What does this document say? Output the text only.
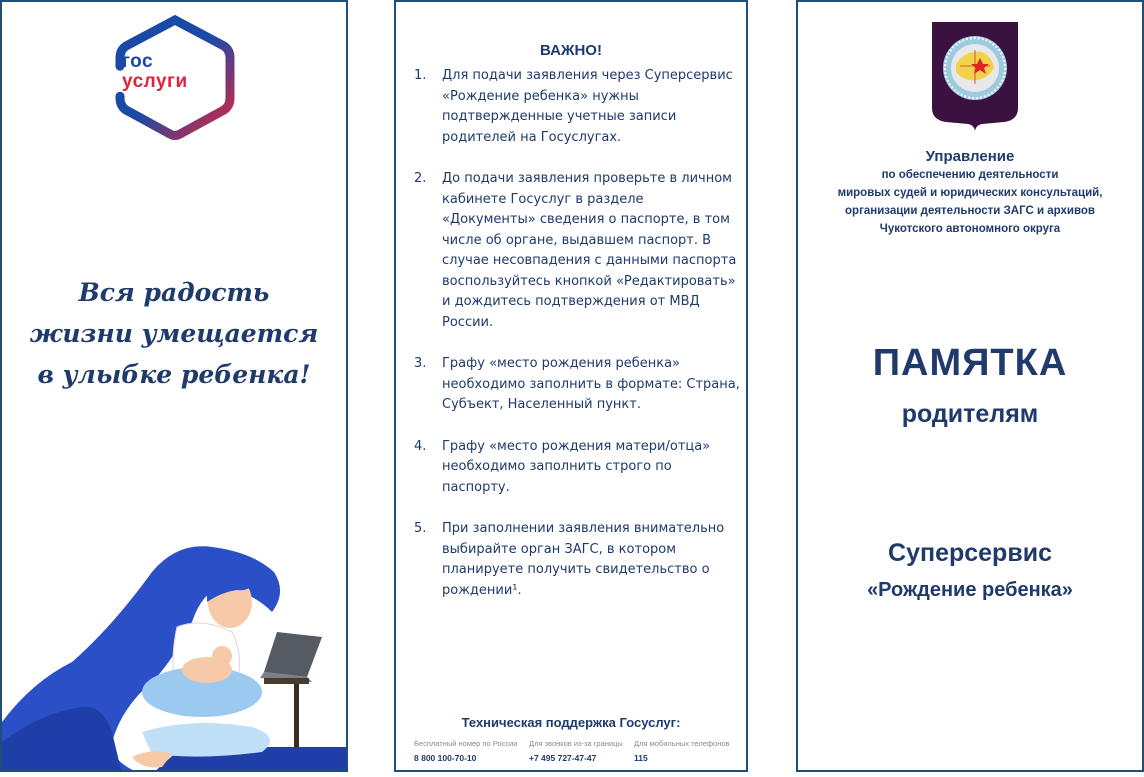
гос
услуги
Вся радость
жизни умещается
в улыбке ребенка!
ВАЖНО!
1. Для подачи заявления через Суперсервис «Рождение ребенка» нужны подтвержденные учетные записи родителей на Госуслугах.
2. До подачи заявления проверьте в личном кабинете Госуслуг в разделе «Документы» сведения о паспорте, в том числе об органе, выдавшем паспорт. В случае несовпадения с данными паспорта воспользуйтесь кнопкой «Редактировать» и дождитесь подтверждения от МВД России.
3. Графу «место рождения ребенка» необходимо заполнить в формате: Страна, Субъект, Населенный пункт.
4. Графу «место рождения матери/отца» необходимо заполнить строго по паспорту.
5. При заполнении заявления внимательно выбирайте орган ЗАГС, в котором планируете получить свидетельство о рождении¹.
Техническая поддержка Госуслуг:
Бесплатный номер по России
8 800 100-70-10
Для звонков из-за границы
+7 495 727-47-47
Для мобильных телефонов
115
Управление
по обеспечению деятельности
мировых судей и юридических консультаций,
организации деятельности ЗАГС и архивов
Чукотского автономного округа
ПАМЯТКА
родителям
Суперсервис
«Рождение ребенка»
